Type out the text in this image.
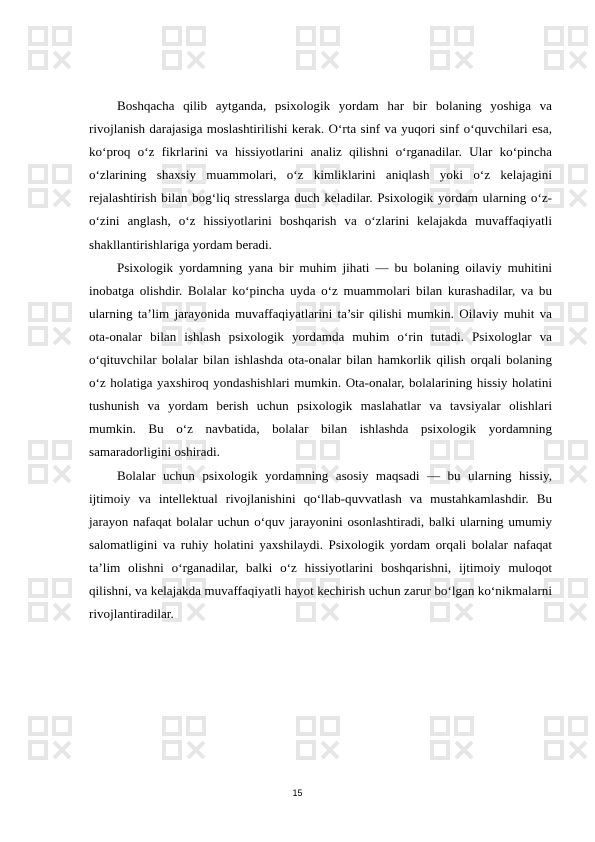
Boshqacha qilib aytganda, psixologik yordam har bir bolaning yoshiga va rivojlanish darajasiga moslashtirilishi kerak. O‘rta sinf va yuqori sinf o‘quvchilari esa, ko‘proq o‘z fikrlarini va hissiyotlarini analiz qilishni o‘rganadilar. Ular ko‘pincha o‘zlarining shaxsiy muammolari, o‘z kimliklarini aniqlash yoki o‘z kelajagini rejalashtirish bilan bog‘liq stresslarga duch keladilar. Psixologik yordam ularning o‘z-o‘zini anglash, o‘z hissiyotlarini boshqarish va o‘zlarini kelajakda muvaffaqiyatli shakllantirishlariga yordam beradi.

Psixologik yordamning yana bir muhim jihati — bu bolaning oilaviy muhitini inobatga olishdir. Bolalar ko‘pincha uyda o‘z muammolari bilan kurashadilar, va bu ularning ta’lim jarayonida muvaffaqiyatlarini ta’sir qilishi mumkin. Oilaviy muhit va ota-onalar bilan ishlash psixologik yordamda muhim o‘rin tutadi. Psixologlar va o‘qituvchilar bolalar bilan ishlashda ota-onalar bilan hamkorlik qilish orqali bolaning o‘z holatiga yaxshiroq yondashishlari mumkin. Ota-onalar, bolalarining hissiy holatini tushunish va yordam berish uchun psixologik maslahatlar va tavsiyalar olishlari mumkin. Bu o‘z navbatida, bolalar bilan ishlashda psixologik yordamning samaradorligini oshiradi.

Bolalar uchun psixologik yordamning asosiy maqsadi — bu ularning hissiy, ijtimoiy va intellektual rivojlanishini qo‘llab-quvvatlash va mustahkamlashdir. Bu jarayon nafaqat bolalar uchun o‘quv jarayonini osonlashtiradi, balki ularning umumiy salomatligini va ruhiy holatini yaxshilaydi. Psixologik yordam orqali bolalar nafaqat ta’lim olishni o‘rganadilar, balki o‘z hissiyotlarini boshqarishni, ijtimoiy muloqot qilishni, va kelajakda muvaffaqiyatli hayot kechirish uchun zarur bo‘lgan ko‘nikmalarni rivojlantiradilar.

15
